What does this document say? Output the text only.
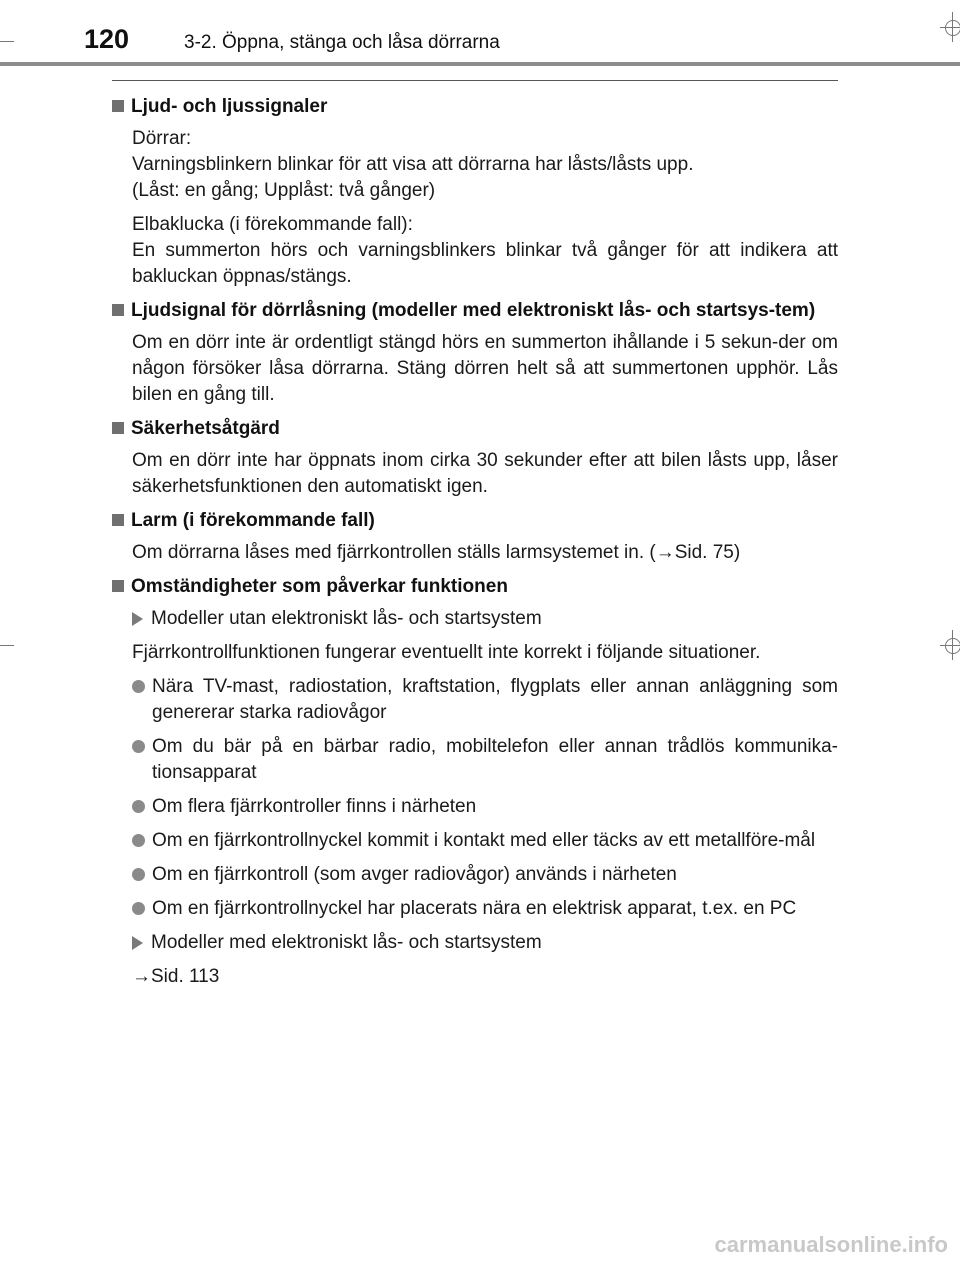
120	3-2. Öppna, stänga och låsa dörrarna
Ljud- och ljussignaler
Dörrar:
Varningsblinkern blinkar för att visa att dörrarna har låsts/låsts upp.
(Låst: en gång; Upplåst: två gånger)
Elbaklucka (i förekommande fall):
En summerton hörs och varningsblinkers blinkar två gånger för att indikera att bakluckan öppnas/stängs.
Ljudsignal för dörrlåsning (modeller med elektroniskt lås- och startsys-tem)
Om en dörr inte är ordentligt stängd hörs en summerton ihållande i 5 sekun-der om någon försöker låsa dörrarna. Stäng dörren helt så att summertonen upphör. Lås bilen en gång till.
Säkerhetsåtgärd
Om en dörr inte har öppnats inom cirka 30 sekunder efter att bilen låsts upp, låser säkerhetsfunktionen den automatiskt igen.
Larm (i förekommande fall)
Om dörrarna låses med fjärrkontrollen ställs larmsystemet in. (→Sid. 75)
Omständigheter som påverkar funktionen
Modeller utan elektroniskt lås- och startsystem
Fjärrkontrollfunktionen fungerar eventuellt inte korrekt i följande situationer.
Nära TV-mast, radiostation, kraftstation, flygplats eller annan anläggning som genererar starka radiovågor
Om du bär på en bärbar radio, mobiltelefon eller annan trådlös kommunika-tionsapparat
Om flera fjärrkontroller finns i närheten
Om en fjärrkontrollnyckel kommit i kontakt med eller täcks av ett metallföre-mål
Om en fjärrkontroll (som avger radiovågor) används i närheten
Om en fjärrkontrollnyckel har placerats nära en elektrisk apparat, t.ex. en PC
Modeller med elektroniskt lås- och startsystem
→Sid. 113
carmanualsonline.info
